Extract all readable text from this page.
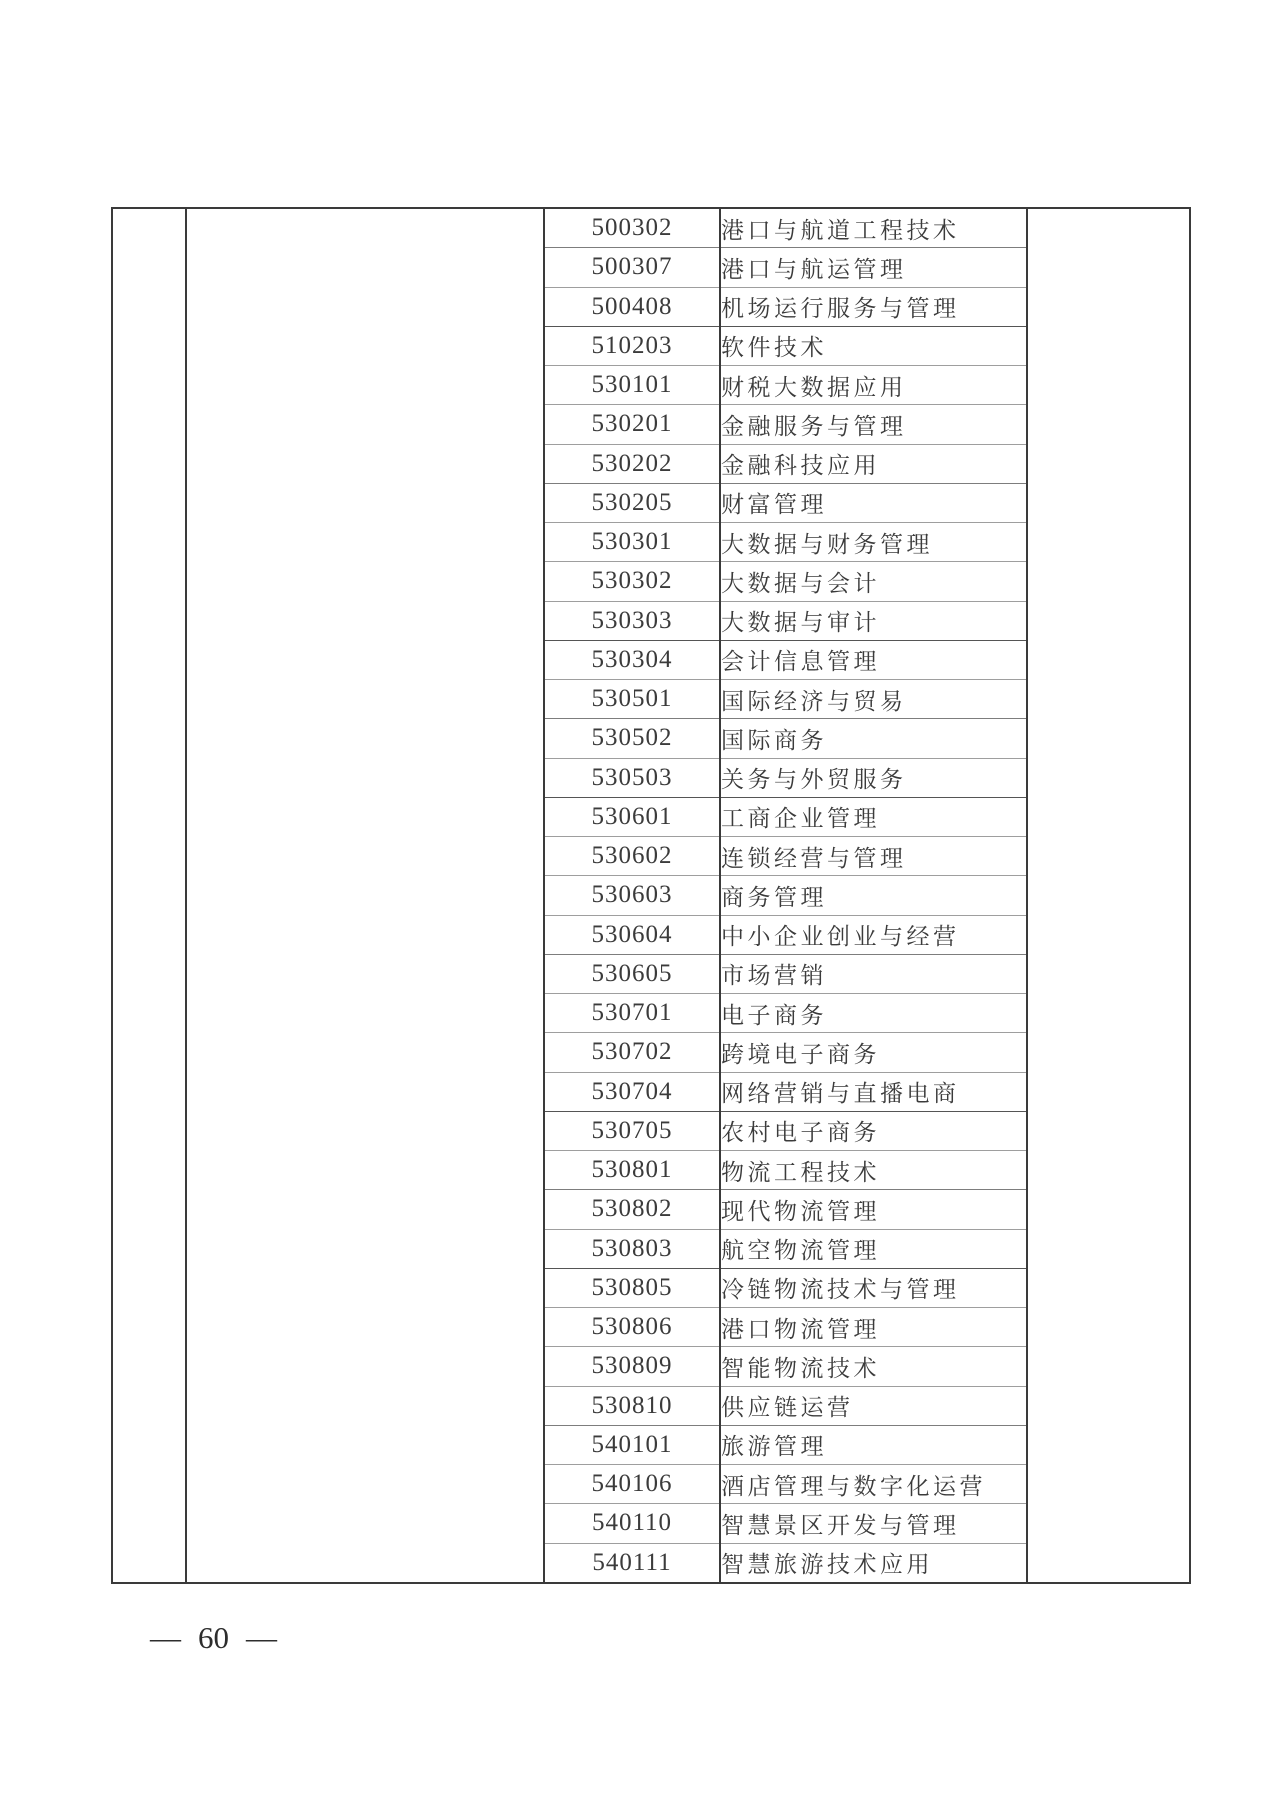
		500302	港口与航道工程技术	
		500307	港口与航运管理	
		500408	机场运行服务与管理	
		510203	软件技术	
		530101	财税大数据应用	
		530201	金融服务与管理	
		530202	金融科技应用	
		530205	财富管理	
		530301	大数据与财务管理	
		530302	大数据与会计	
		530303	大数据与审计	
		530304	会计信息管理	
		530501	国际经济与贸易	
		530502	国际商务	
		530503	关务与外贸服务	
		530601	工商企业管理	
		530602	连锁经营与管理	
		530603	商务管理	
		530604	中小企业创业与经营	
		530605	市场营销	
		530701	电子商务	
		530702	跨境电子商务	
		530704	网络营销与直播电商	
		530705	农村电子商务	
		530801	物流工程技术	
		530802	现代物流管理	
		530803	航空物流管理	
		530805	冷链物流技术与管理	
		530806	港口物流管理	
		530809	智能物流技术	
		530810	供应链运营	
		540101	旅游管理	
		540106	酒店管理与数字化运营	
		540110	智慧景区开发与管理	
		540111	智慧旅游技术应用	
— 60 —
